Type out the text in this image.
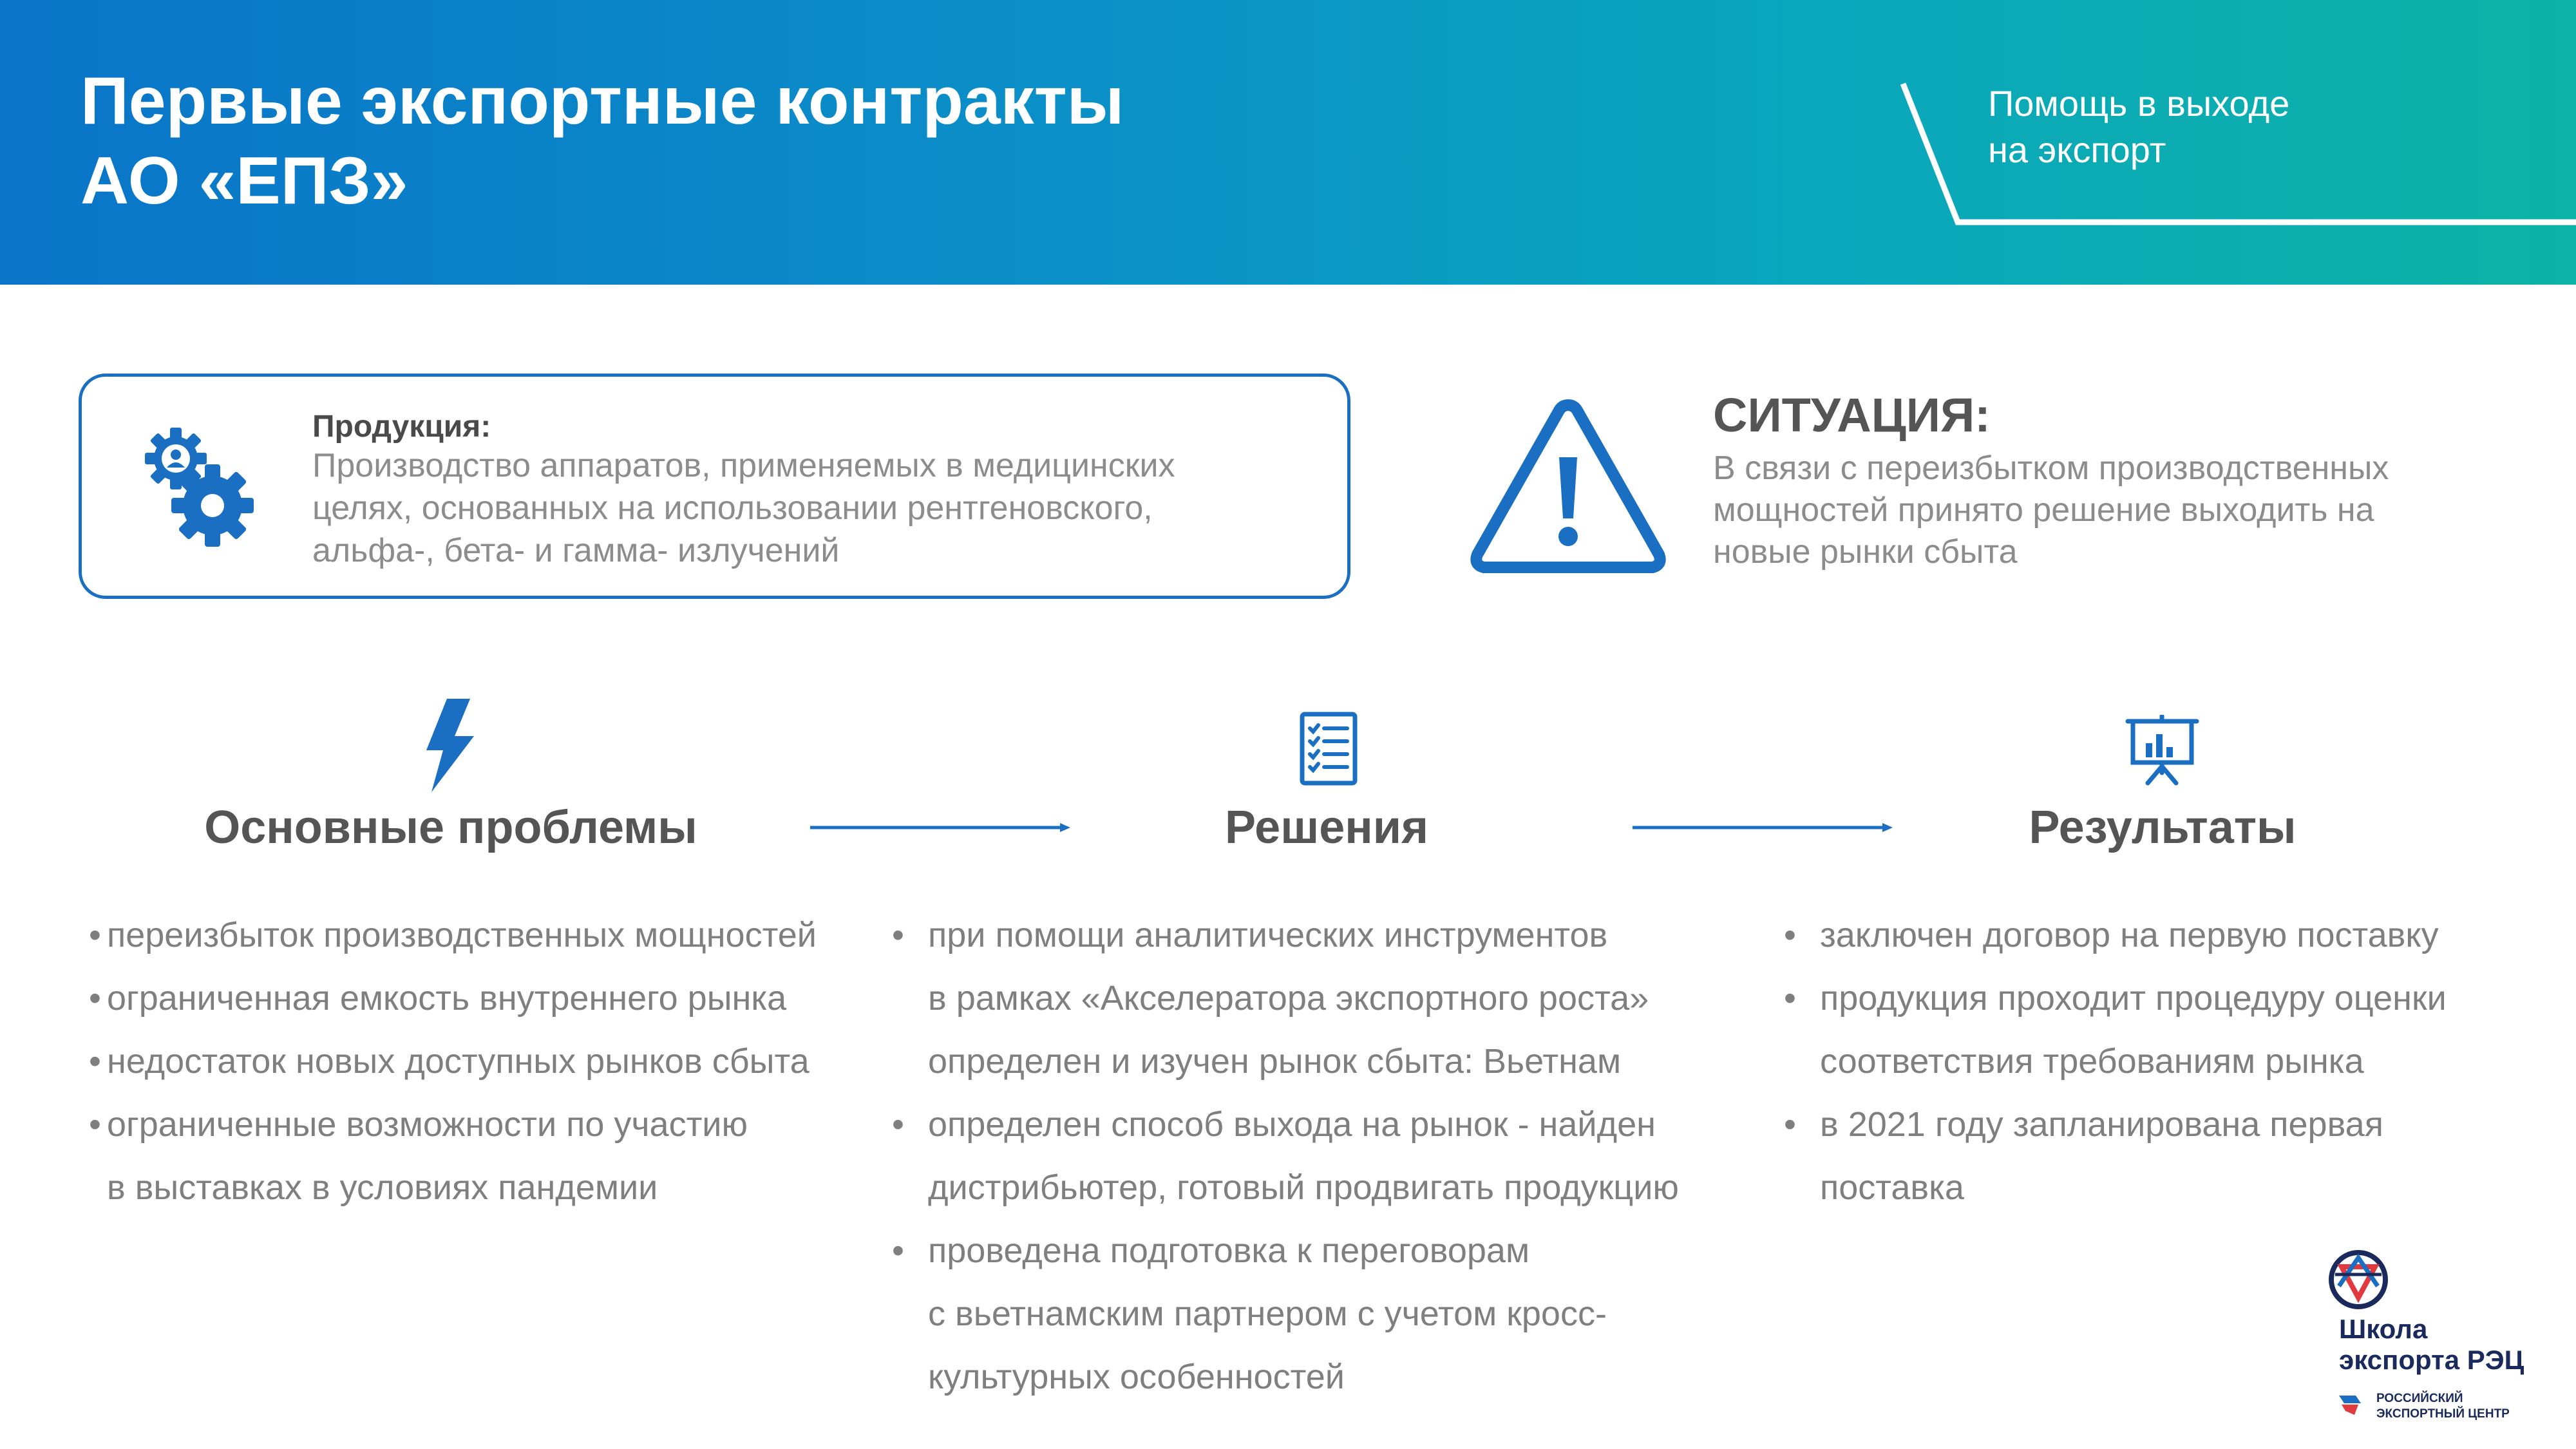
Первые экспортные контракты
АО «ЕПЗ»
Помощь в выходе
на экспорт
Продукция:
Производство аппаратов, применяемых в медицинских
целях, основанных на использовании рентгеновского,
альфа-, бета- и гамма- излучений
СИТУАЦИЯ:
В связи с переизбытком производственных
мощностей принято решение выходить на
новые рынки сбыта
Основные проблемы	Решения	Результаты
• переизбыток производственных мощностей
• ограниченная емкость внутреннего рынка
• недостаток новых доступных рынков сбыта
• ограниченные возможности по участию
в выставках в условиях пандемии
• при помощи аналитических инструментов
в рамках «Акселератора экспортного роста»
определен и изучен рынок сбыта: Вьетнам
• определен способ выхода на рынок - найден
дистрибьютер, готовый продвигать продукцию
• проведена подготовка к переговорам
с вьетнамским партнером с учетом кросс-
культурных особенностей
• заключен договор на первую поставку
• продукция проходит процедуру оценки
соответствия требованиям рынка
• в 2021 году запланирована первая
поставка
Школа
экспорта РЭЦ
РОССИЙСКИЙ
ЭКСПОРТНЫЙ ЦЕНТР
